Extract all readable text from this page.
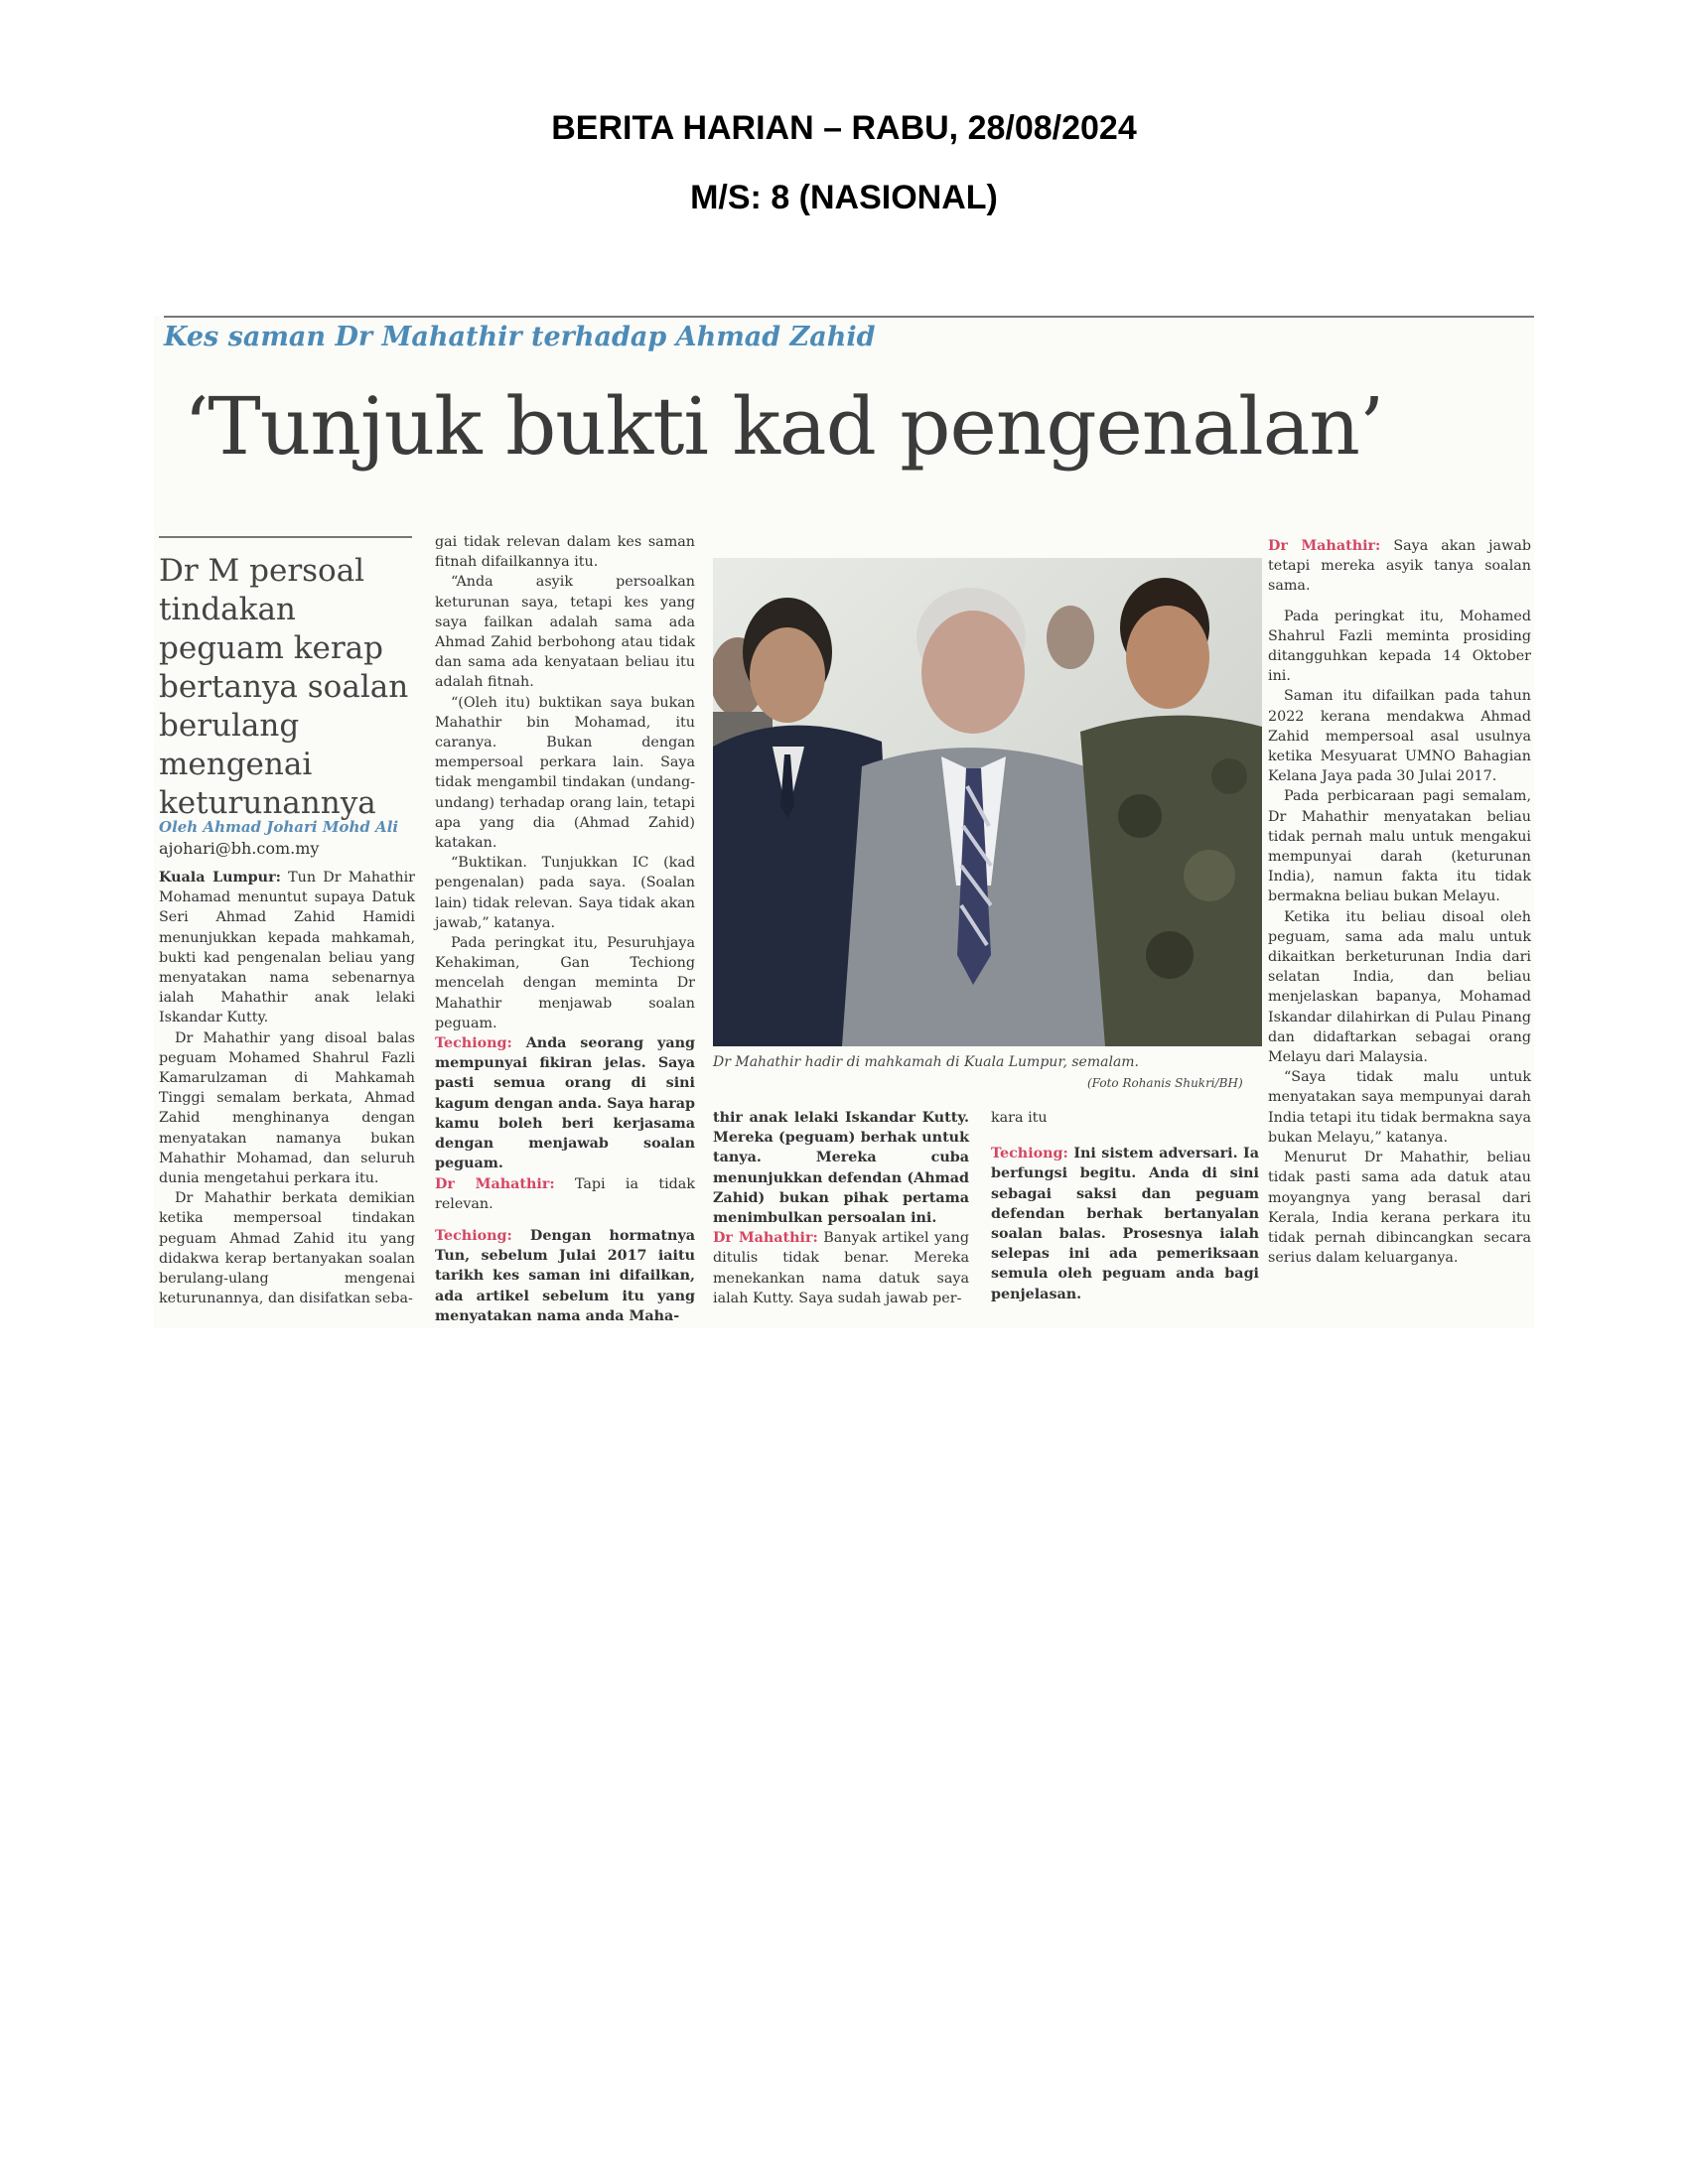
BERITA HARIAN – RABU, 28/08/2024
M/S: 8 (NASIONAL)
Kes saman Dr Mahathir terhadap Ahmad Zahid
‘Tunjuk bukti kad pengenalan’
Dr M persoal tindakan peguam kerap bertanya soalan berulang mengenai keturunannya
Oleh Ahmad Johari Mohd Ali
ajohari@bh.com.my

Kuala Lumpur: Tun Dr Mahathir Mohamad menuntut supaya Datuk Seri Ahmad Zahid Hamidi menunjukkan kepada mahkamah, bukti kad pengenalan beliau yang menyatakan nama sebenarnya ialah Mahathir anak lelaki Iskandar Kutty.

Dr Mahathir yang disoal balas peguam Mohamed Shahrul Fazli Kamarulzaman di Mahkamah Tinggi semalam berkata, Ahmad Zahid menghinanya dengan menyatakan namanya bukan Mahathir Mohamad, dan seluruh dunia mengetahui perkara itu.

Dr Mahathir berkata demikian ketika mempersoal tindakan peguam Ahmad Zahid itu yang didakwa kerap bertanyakan soalan berulang-ulang mengenai keturunannya, dan disifatkan seba-

gai tidak relevan dalam kes saman fitnah difailkannya itu.

“Anda asyik persoalkan keturunan saya, tetapi kes yang saya failkan adalah sama ada Ahmad Zahid berbohong atau tidak dan sama ada kenyataan beliau itu adalah fitnah.

“(Oleh itu) buktikan saya bukan Mahathir bin Mohamad, itu caranya. Bukan dengan mempersoal perkara lain. Saya tidak mengambil tindakan (undang-undang) terhadap orang lain, tetapi apa yang dia (Ahmad Zahid) katakan.

“Buktikan. Tunjukkan IC (kad pengenalan) pada saya. (Soalan lain) tidak relevan. Saya tidak akan jawab,” katanya.

Pada peringkat itu, Pesuruhjaya Kehakiman, Gan Techiong mencelah dengan meminta Dr Mahathir menjawab soalan peguam.

Techiong: Anda seorang yang mempunyai fikiran jelas. Saya pasti semua orang di sini kagum dengan anda. Saya harap kamu boleh beri kerjasama dengan menjawab soalan peguam.

Dr Mahathir: Tapi ia tidak relevan.

Techiong: Dengan hormatnya Tun, sebelum Julai 2017 iaitu tarikh kes saman ini difailkan, ada artikel sebelum itu yang menyatakan nama anda Maha-

Dr Mahathir hadir di mahkamah di Kuala Lumpur, semalam.
(Foto Rohanis Shukri/BH)

thir anak lelaki Iskandar Kutty. Mereka (peguam) berhak untuk tanya. Mereka cuba menunjukkan defendan (Ahmad Zahid) bukan pihak pertama menimbulkan persoalan ini.

Dr Mahathir: Banyak artikel yang ditulis tidak benar. Mereka menekankan nama datuk saya ialah Kutty. Saya sudah jawab per-

kara itu

Techiong: Ini sistem adversari. Ia berfungsi begitu. Anda di sini sebagai saksi dan peguam defendan berhak bertanyalan soalan balas. Prosesnya ialah selepas ini ada pemeriksaan semula oleh peguam anda bagi penjelasan.

Dr Mahathir: Saya akan jawab tetapi mereka asyik tanya soalan sama.

Pada peringkat itu, Mohamed Shahrul Fazli meminta prosiding ditangguhkan kepada 14 Oktober ini.

Saman itu difailkan pada tahun 2022 kerana mendakwa Ahmad Zahid mempersoal asal usulnya ketika Mesyuarat UMNO Bahagian Kelana Jaya pada 30 Julai 2017.

Pada perbicaraan pagi semalam, Dr Mahathir menyatakan beliau tidak pernah malu untuk mengakui mempunyai darah (keturunan India), namun fakta itu tidak bermakna beliau bukan Melayu.

Ketika itu beliau disoal oleh peguam, sama ada malu untuk dikaitkan berketurunan India dari selatan India, dan beliau menjelaskan bapanya, Mohamad Iskandar dilahirkan di Pulau Pinang dan didaftarkan sebagai orang Melayu dari Malaysia.

“Saya tidak malu untuk menyatakan saya mempunyai darah India tetapi itu tidak bermakna saya bukan Melayu,” katanya.

Menurut Dr Mahathir, beliau tidak pasti sama ada datuk atau moyangnya yang berasal dari Kerala, India kerana perkara itu tidak pernah dibincangkan secara serius dalam keluarganya.
